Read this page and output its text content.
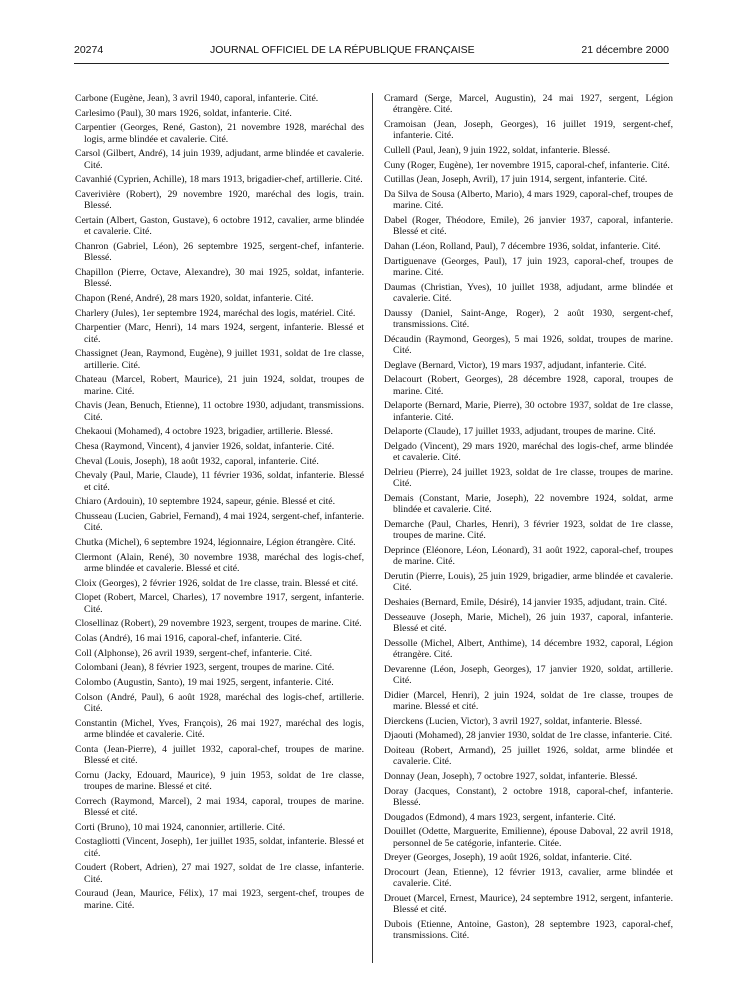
20274	JOURNAL OFFICIEL DE LA RÉPUBLIQUE FRANÇAISE	21 décembre 2000

Carbone (Eugène, Jean), 3 avril 1940, caporal, infanterie. Cité.

Carlesimo (Paul), 30 mars 1926, soldat, infanterie. Cité.

Carpentier (Georges, René, Gaston), 21 novembre 1928, maréchal des logis, arme blindée et cavalerie. Cité.

Carsol (Gilbert, André), 14 juin 1939, adjudant, arme blindée et cavalerie. Cité.

Cavanhié (Cyprien, Achille), 18 mars 1913, brigadier-chef, artillerie. Cité.

Caverivière (Robert), 29 novembre 1920, maréchal des logis, train. Blessé.

Certain (Albert, Gaston, Gustave), 6 octobre 1912, cavalier, arme blindée et cavalerie. Cité.

Chanron (Gabriel, Léon), 26 septembre 1925, sergent-chef, infanterie. Blessé.

Chapillon (Pierre, Octave, Alexandre), 30 mai 1925, soldat, infanterie. Blessé.

Chapon (René, André), 28 mars 1920, soldat, infanterie. Cité.

Charlery (Jules), 1er septembre 1924, maréchal des logis, matériel. Cité.

Charpentier (Marc, Henri), 14 mars 1924, sergent, infanterie. Blessé et cité.

Chassignet (Jean, Raymond, Eugène), 9 juillet 1931, soldat de 1re classe, artillerie. Cité.

Chateau (Marcel, Robert, Maurice), 21 juin 1924, soldat, troupes de marine. Cité.

Chavis (Jean, Benuch, Etienne), 11 octobre 1930, adjudant, transmissions. Cité.

Chekaoui (Mohamed), 4 octobre 1923, brigadier, artillerie. Blessé.

Chesa (Raymond, Vincent), 4 janvier 1926, soldat, infanterie. Cité.

Cheval (Louis, Joseph), 18 août 1932, caporal, infanterie. Cité.

Chevaly (Paul, Marie, Claude), 11 février 1936, soldat, infanterie. Blessé et cité.

Chiaro (Ardouin), 10 septembre 1924, sapeur, génie. Blessé et cité.

Chusseau (Lucien, Gabriel, Fernand), 4 mai 1924, sergent-chef, infanterie. Cité.

Chutka (Michel), 6 septembre 1924, légionnaire, Légion étrangère. Cité.

Clermont (Alain, René), 30 novembre 1938, maréchal des logis-chef, arme blindée et cavalerie. Blessé et cité.

Cloix (Georges), 2 février 1926, soldat de 1re classe, train. Blessé et cité.

Clopet (Robert, Marcel, Charles), 17 novembre 1917, sergent, infanterie. Cité.

Closellinaz (Robert), 29 novembre 1923, sergent, troupes de marine. Cité.

Colas (André), 16 mai 1916, caporal-chef, infanterie. Cité.

Coll (Alphonse), 26 avril 1939, sergent-chef, infanterie. Cité.

Colombani (Jean), 8 février 1923, sergent, troupes de marine. Cité.

Colombo (Augustin, Santo), 19 mai 1925, sergent, infanterie. Cité.

Colson (André, Paul), 6 août 1928, maréchal des logis-chef, artillerie. Cité.

Constantin (Michel, Yves, François), 26 mai 1927, maréchal des logis, arme blindée et cavalerie. Cité.

Conta (Jean-Pierre), 4 juillet 1932, caporal-chef, troupes de marine. Blessé et cité.

Cornu (Jacky, Edouard, Maurice), 9 juin 1953, soldat de 1re classe, troupes de marine. Blessé et cité.

Correch (Raymond, Marcel), 2 mai 1934, caporal, troupes de marine. Blessé et cité.

Corti (Bruno), 10 mai 1924, canonnier, artillerie. Cité.

Costagliotti (Vincent, Joseph), 1er juillet 1935, soldat, infanterie. Blessé et cité.

Coudert (Robert, Adrien), 27 mai 1927, soldat de 1re classe, infanterie. Cité.

Couraud (Jean, Maurice, Félix), 17 mai 1923, sergent-chef, troupes de marine. Cité.

Cramard (Serge, Marcel, Augustin), 24 mai 1927, sergent, Légion étrangère. Cité.

Cramoisan (Jean, Joseph, Georges), 16 juillet 1919, sergent-chef, infanterie. Cité.

Cullell (Paul, Jean), 9 juin 1922, soldat, infanterie. Blessé.

Cuny (Roger, Eugène), 1er novembre 1915, caporal-chef, infanterie. Cité.

Cutillas (Jean, Joseph, Avril), 17 juin 1914, sergent, infanterie. Cité.

Da Silva de Sousa (Alberto, Mario), 4 mars 1929, caporal-chef, troupes de marine. Cité.

Dabel (Roger, Théodore, Emile), 26 janvier 1937, caporal, infanterie. Blessé et cité.

Dahan (Léon, Rolland, Paul), 7 décembre 1936, soldat, infanterie. Cité.

Dartiguenave (Georges, Paul), 17 juin 1923, caporal-chef, troupes de marine. Cité.

Daumas (Christian, Yves), 10 juillet 1938, adjudant, arme blindée et cavalerie. Cité.

Daussy (Daniel, Saint-Ange, Roger), 2 août 1930, sergent-chef, transmissions. Cité.

Décaudin (Raymond, Georges), 5 mai 1926, soldat, troupes de marine. Cité.

Deglave (Bernard, Victor), 19 mars 1937, adjudant, infanterie. Cité.

Delacourt (Robert, Georges), 28 décembre 1928, caporal, troupes de marine. Cité.

Delaporte (Bernard, Marie, Pierre), 30 octobre 1937, soldat de 1re classe, infanterie. Cité.

Delaporte (Claude), 17 juillet 1933, adjudant, troupes de marine. Cité.

Delgado (Vincent), 29 mars 1920, maréchal des logis-chef, arme blindée et cavalerie. Cité.

Delrieu (Pierre), 24 juillet 1923, soldat de 1re classe, troupes de marine. Cité.

Demais (Constant, Marie, Joseph), 22 novembre 1924, soldat, arme blindée et cavalerie. Cité.

Demarche (Paul, Charles, Henri), 3 février 1923, soldat de 1re classe, troupes de marine. Cité.

Deprince (Eléonore, Léon, Léonard), 31 août 1922, caporal-chef, troupes de marine. Cité.

Derutin (Pierre, Louis), 25 juin 1929, brigadier, arme blindée et cavalerie. Cité.

Deshaies (Bernard, Emile, Désiré), 14 janvier 1935, adjudant, train. Cité.

Desseauve (Joseph, Marie, Michel), 26 juin 1937, caporal, infanterie. Blessé et cité.

Dessolle (Michel, Albert, Anthime), 14 décembre 1932, caporal, Légion étrangère. Cité.

Devarenne (Léon, Joseph, Georges), 17 janvier 1920, soldat, artillerie. Cité.

Didier (Marcel, Henri), 2 juin 1924, soldat de 1re classe, troupes de marine. Blessé et cité.

Dierckens (Lucien, Victor), 3 avril 1927, soldat, infanterie. Blessé.

Djaouti (Mohamed), 28 janvier 1930, soldat de 1re classe, infanterie. Cité.

Doiteau (Robert, Armand), 25 juillet 1926, soldat, arme blindée et cavalerie. Cité.

Donnay (Jean, Joseph), 7 octobre 1927, soldat, infanterie. Blessé.

Doray (Jacques, Constant), 2 octobre 1918, caporal-chef, infanterie. Blessé.

Dougados (Edmond), 4 mars 1923, sergent, infanterie. Cité.

Douillet (Odette, Marguerite, Emilienne), épouse Daboval, 22 avril 1918, personnel de 5e catégorie, infanterie. Citée.

Dreyer (Georges, Joseph), 19 août 1926, soldat, infanterie. Cité.

Drocourt (Jean, Etienne), 12 février 1913, cavalier, arme blindée et cavalerie. Cité.

Drouet (Marcel, Ernest, Maurice), 24 septembre 1912, sergent, infanterie. Blessé et cité.

Dubois (Etienne, Antoine, Gaston), 28 septembre 1923, caporal-chef, transmissions. Cité.
